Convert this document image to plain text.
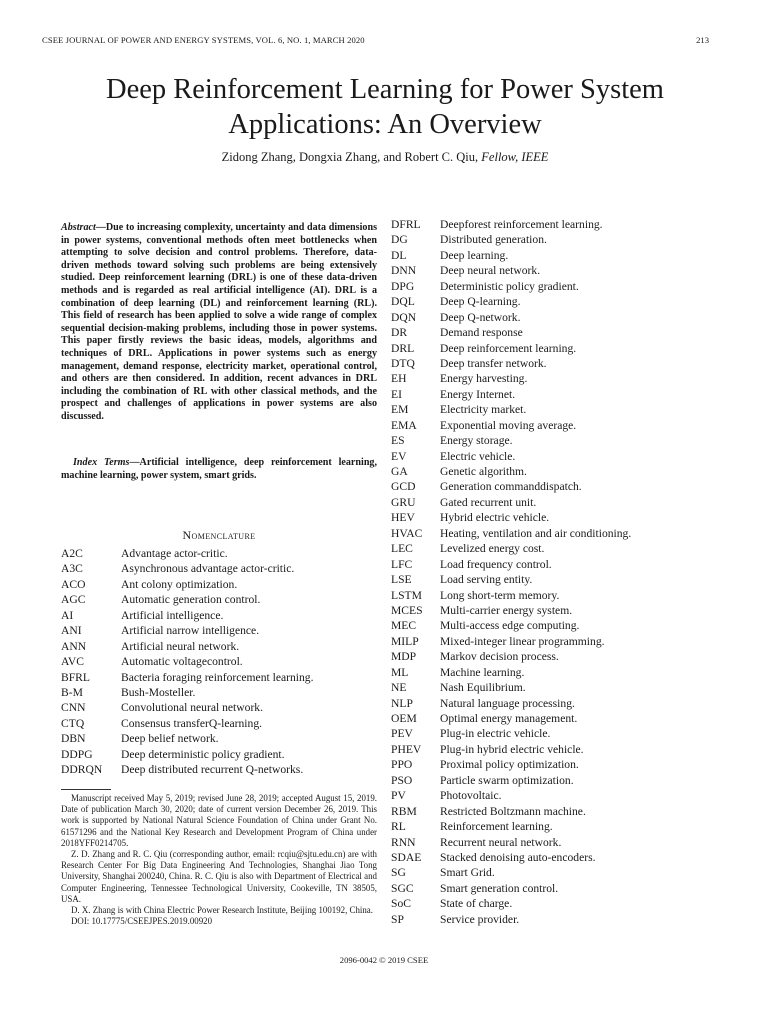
CSEE JOURNAL OF POWER AND ENERGY SYSTEMS, VOL. 6, NO. 1, MARCH 2020	213
Deep Reinforcement Learning for Power System
Applications: An Overview
Zidong Zhang, Dongxia Zhang, and Robert C. Qiu, Fellow, IEEE
Abstract—Due to increasing complexity, uncertainty and data dimensions in power systems, conventional methods often meet bottlenecks when attempting to solve decision and control problems. Therefore, data-driven methods toward solving such problems are being extensively studied. Deep reinforcement learning (DRL) is one of these data-driven methods and is regarded as real artificial intelligence (AI). DRL is a combination of deep learning (DL) and reinforcement learning (RL). This field of research has been applied to solve a wide range of complex sequential decision-making problems, including those in power systems. This paper firstly reviews the basic ideas, models, algorithms and techniques of DRL. Applications in power systems such as energy management, demand response, electricity market, operational control, and others are then considered. In addition, recent advances in DRL including the combination of RL with other classical methods, and the prospect and challenges of applications in power systems are also discussed.
Index Terms—Artificial intelligence, deep reinforcement learning, machine learning, power system, smart grids.
Nomenclature
A2C	Advantage actor-critic.
A3C	Asynchronous advantage actor-critic.
ACO	Ant colony optimization.
AGC	Automatic generation control.
AI	Artificial intelligence.
ANI	Artificial narrow intelligence.
ANN	Artificial neural network.
AVC	Automatic voltagecontrol.
BFRL	Bacteria foraging reinforcement learning.
B-M	Bush-Mosteller.
CNN	Convolutional neural network.
CTQ	Consensus transferQ-learning.
DBN	Deep belief network.
DDPG Deep deterministic policy gradient.
DDRQN Deep distributed recurrent Q-networks.
DFRL Deepforest reinforcement learning.
DG	Distributed generation.
DL	Deep learning.
DNN Deep neural network.
DPG Deterministic policy gradient.
DQL Deep Q-learning.
DQN Deep Q-network.
DR	Demand response
DRL Deep reinforcement learning.
DTQ Deep transfer network.
EH	Energy harvesting.
EI	Energy Internet.
EM	Electricity market.
EMA Exponential moving average.
ES	Energy storage.
EV	Electric vehicle.
GA	Genetic algorithm.
GCD Generation commanddispatch.
GRU Gated recurrent unit.
HEV Hybrid electric vehicle.
HVAC Heating, ventilation and air conditioning.
LEC Levelized energy cost.
LFC Load frequency control.
LSE Load serving entity.
LSTM Long short-term memory.
MCES Multi-carrier energy system.
MEC Multi-access edge computing.
MILP Mixed-integer linear programming.
MDP Markov decision process.
ML	Machine learning.
NE	Nash Equilibrium.
NLP Natural language processing.
OEM Optimal energy management.
PEV Plug-in electric vehicle.
PHEV Plug-in hybrid electric vehicle.
PPO Proximal policy optimization.
PSO Particle swarm optimization.
PV	Photovoltaic.
RBM Restricted Boltzmann machine.
RL	Reinforcement learning.
RNN Recurrent neural network.
SDAE Stacked denoising auto-encoders.
SG	Smart Grid.
SGC Smart generation control.
SoC	State of charge.
SP	Service provider.

Manuscript received May 5, 2019; revised June 28, 2019; accepted August 15, 2019. Date of publication March 30, 2020; date of current version December 26, 2019. This work is supported by National Natural Science Foundation of China under Grant No. 61571296 and the National Key Research and Development Program of China under 2018YFF0214705.

Z. D. Zhang and R. C. Qiu (corresponding author, email: rcqiu@sjtu.edu.cn) are with Research Center For Big Data Engineering And Technologies, Shanghai Jiao Tong University, Shanghai 200240, China. R. C. Qiu is also with Department of Electrical and Computer Engineering, Tennessee Technological University, Cookeville, TN 38505, USA.

D. X. Zhang is with China Electric Power Research Institute, Beijing 100192, China.

DOI: 10.17775/CSEEJPES.2019.00920

2096-0042 © 2019 CSEE
